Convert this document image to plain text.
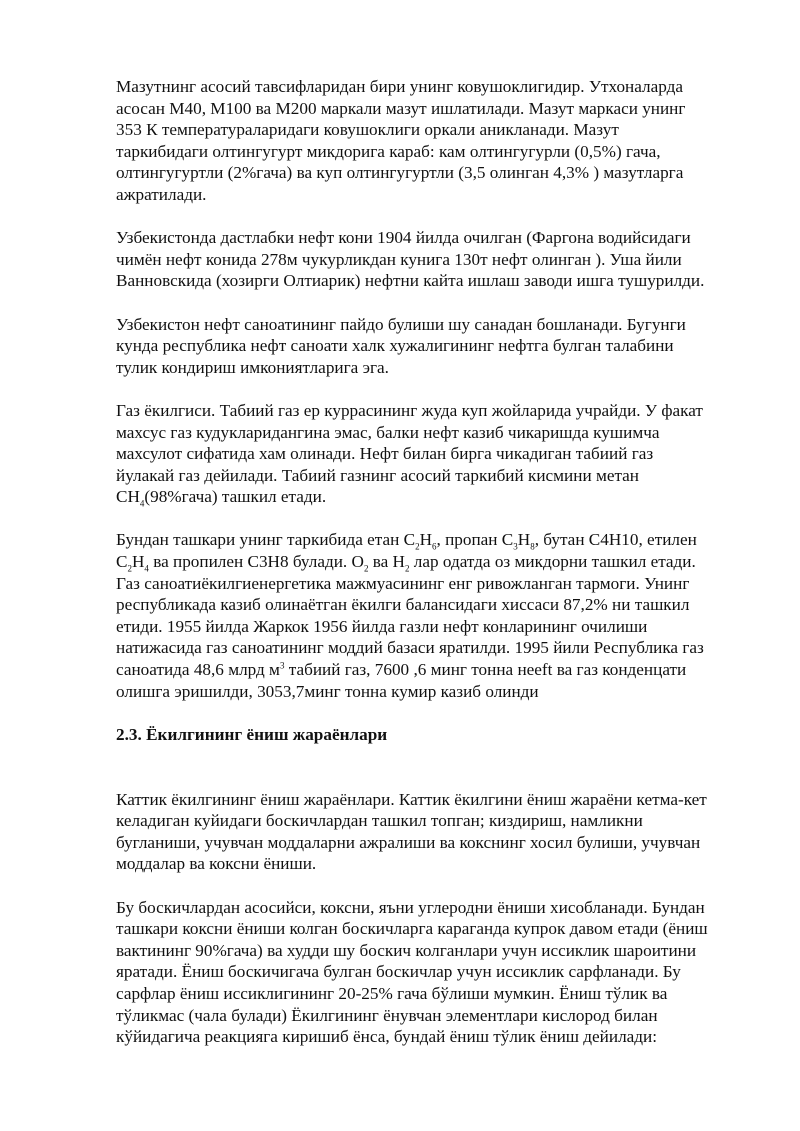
Мазутнинг асосий тавсифларидан бири унинг ковушоклигидир. Утхоналарда

асосан М40, М100 ва М200 маркали мазут ишлатилади. Мазут маркаси унинг

353 К температураларидаги ковушоклиги оркали аникланади. Мазут

таркибидаги олтингугурт микдорига караб: кам олтингугурли (0,5%) гача,

олтингугуртли (2%гача) ва куп олтингугуртли (3,5 олинган 4,3% ) мазутларга

ажратилади.

Узбекистонда дастлабки нефт кони 1904 йилда очилган (Фаргона водийсидаги

чимён нефт конида 278м чукурликдан кунига 130т нефт олинган ). Уша йили

Ванновскида (хозирги Олтиарик) нефтни кайта ишлаш заводи ишга тушурилди.

Узбекистон нефт саноатининг пайдо булиши шу санадан бошланади. Бугунги

кунда республика нефт саноати халк хужалигининг нефтга булган талабини

тулик кондириш имкониятларига эга.

Газ ёкилгиси. Табиий газ ер куррасининг жуда куп жойларида учрайди. У факат

махсус газ кудукларидангина эмас, балки нефт казиб чикаришда кушимча

махсулот сифатида хам олинади. Нефт билан бирга чикадиган табиий газ

йулакай газ дейилади. Табиий газнинг асосий таркибий кисмини метан

$CH_4(98\%гача)$ ташкил етади.

Бундан ташкари унинг таркибида етан $C_2H_6$, пропан $C_3H_8$, бутан C4H10, етилен

$C_2H_4$ ва пропилен C3H8 булади. $O_2$ ва $H_2$ лар одатда оз микдорни ташкил етади.

Газ саноатиёкилгиенергетика мажмуасининг енг ривожланган тармоги. Унинг

республикада казиб олинаётган ёкилги балансидаги хиссаси 87,2% ни ташкил

етиди. 1955 йилда Жаркок 1956 йилда газли нефт конларининг очилиши

натижасида газ саноатининг моддий базаси яратилди. 1995 йили Республика газ

саноатида 48,6 млрд $м^3$ табиий газ, 7600 ,6 минг тонна нееft ва газ конденцати

олишга эришилди, 3053,7минг тонна кумир казиб олинди

2.3. Ёкилгининг ёниш жараёнлари

Каттик ёкилгининг ёниш жараёнлари. Каттик ёкилгини ёниш жараёни кетма-кет

келадиган куйидаги боскичлардан ташкил топган; киздириш, намликни

бугланиши, учувчан моддаларни ажралиши ва кокснинг хосил булиши, учувчан

моддалар ва коксни ёниши.

Бу боскичлардан асосийси, коксни, яъни углеродни ёниши хисобланади. Бундан

ташкари коксни ёниши колган боскичларга караганда купрок давом етади (ёниш

вактининг 90%гача) ва худди шу боскич колганлари учун иссиклик шароитини

яратади. Ёниш боскичигача булган боскичлар учун иссиклик сарфланади. Бу

сарфлар ёниш иссиклигининг 20-25% гача бўлиши мумкин. Ёниш тўлик ва

тўликмас (чала булади) Ёкилгининг ёнувчан элементлари кислород билан

кўйидагича реакцияга киришиб ёнса, бундай ёниш тўлик ёниш дейилади:
